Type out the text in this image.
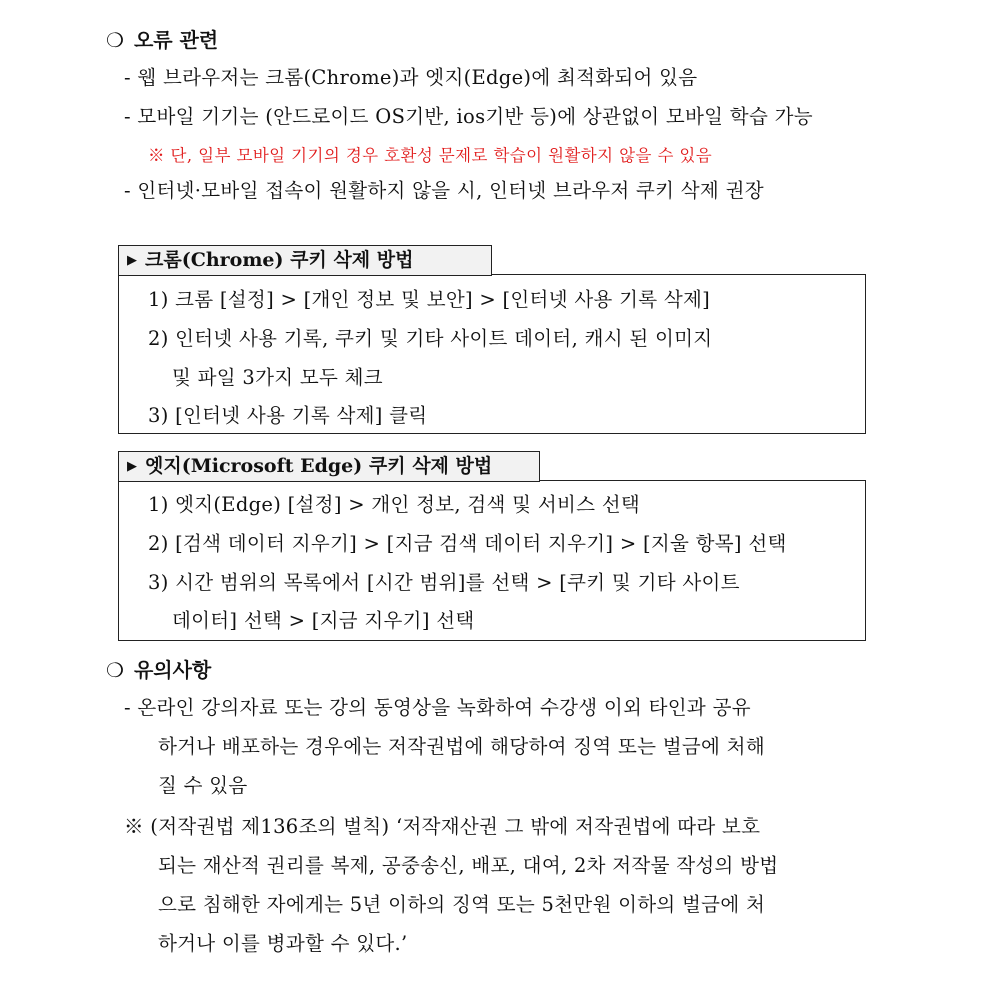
❍ 오류 관련
- 웹 브라우저는 크롬(Chrome)과 엣지(Edge)에 최적화되어 있음
- 모바일 기기는 (안드로이드 OS기반, ios기반 등)에 상관없이 모바일 학습 가능
※ 단, 일부 모바일 기기의 경우 호환성 문제로 학습이 원활하지 않을 수 있음
- 인터넷·모바일 접속이 원활하지 않을 시, 인터넷 브라우저 쿠키 삭제 권장
▶ 크롬(Chrome) 쿠키 삭제 방법
1) 크롬 [설정] > [개인 정보 및 보안] > [인터넷 사용 기록 삭제]
2) 인터넷 사용 기록, 쿠키 및 기타 사이트 데이터, 캐시 된 이미지
및 파일 3가지 모두 체크
3) [인터넷 사용 기록 삭제] 클릭
▶ 엣지(Microsoft Edge) 쿠키 삭제 방법
1) 엣지(Edge) [설정] > 개인 정보, 검색 및 서비스 선택
2) [검색 데이터 지우기] > [지금 검색 데이터 지우기] > [지울 항목] 선택
3) 시간 범위의 목록에서 [시간 범위]를 선택 > [쿠키 및 기타 사이트
데이터] 선택 > [지금 지우기] 선택
❍ 유의사항
- 온라인 강의자료 또는 강의 동영상을 녹화하여 수강생 이외 타인과 공유
하거나 배포하는 경우에는 저작권법에 해당하여 징역 또는 벌금에 처해
질 수 있음
※ (저작권법 제136조의 벌칙) ‘저작재산권 그 밖에 저작권법에 따라 보호
되는 재산적 권리를 복제, 공중송신, 배포, 대여, 2차 저작물 작성의 방법
으로 침해한 자에게는 5년 이하의 징역 또는 5천만원 이하의 벌금에 처
하거나 이를 병과할 수 있다.’
